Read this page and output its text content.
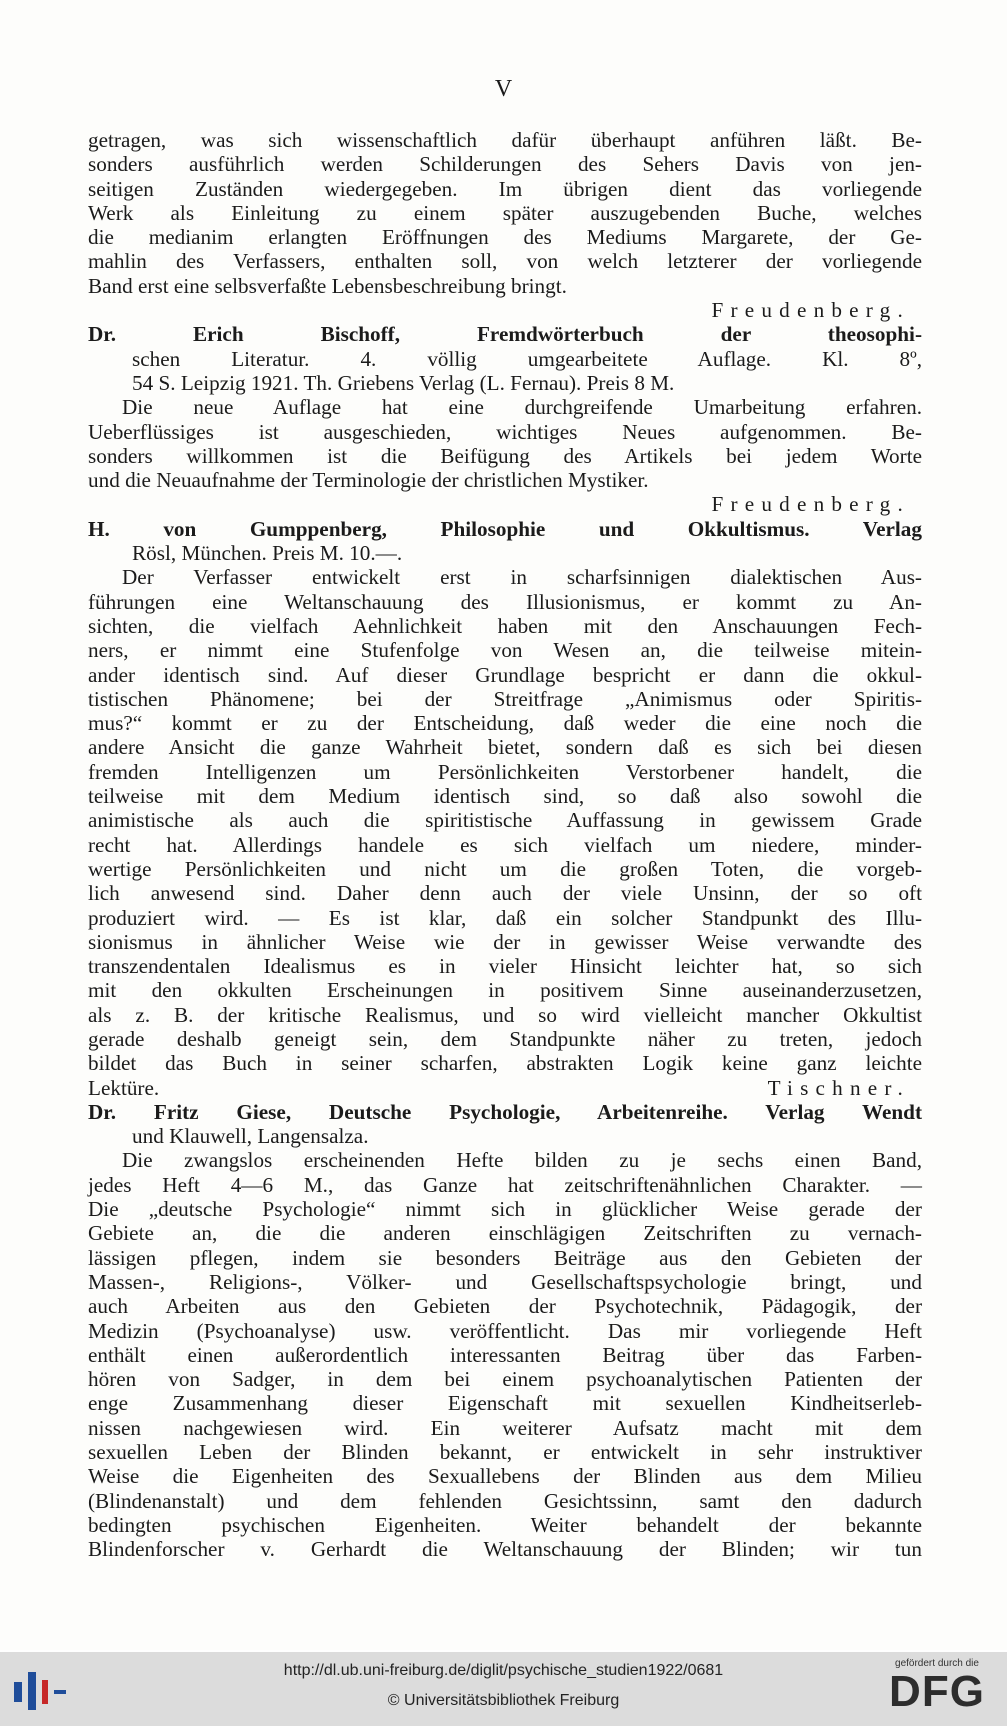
V
getragen, was sich wissenschaftlich dafür überhaupt anführen läßt. Be-
sonders ausführlich werden Schilderungen des Sehers Davis von jen-
seitigen Zuständen wiedergegeben. Im übrigen dient das vorliegende
Werk als Einleitung zu einem später auszugebenden Buche, welches
die medianim erlangten Eröffnungen des Mediums Margarete, der Ge-
mahlin des Verfassers, enthalten soll, von welch letzterer der vorliegende
Band erst eine selbsverfaßte Lebensbeschreibung bringt.
Freudenberg.
Dr. Erich Bischoff, Fremdwörterbuch der theosophi-
schen Literatur. 4. völlig umgearbeitete Auflage. Kl. 8º,
54 S. Leipzig 1921. Th. Griebens Verlag (L. Fernau). Preis 8 M.
Die neue Auflage hat eine durchgreifende Umarbeitung erfahren.
Ueberflüssiges ist ausgeschieden, wichtiges Neues aufgenommen. Be-
sonders willkommen ist die Beifügung des Artikels bei jedem Worte
und die Neuaufnahme der Terminologie der christlichen Mystiker.
Freudenberg.
H. von Gumppenberg, Philosophie und Okkultismus. Verlag
Rösl, München. Preis M. 10.—.
Der Verfasser entwickelt erst in scharfsinnigen dialektischen Aus-
führungen eine Weltanschauung des Illusionismus, er kommt zu An-
sichten, die vielfach Aehnlichkeit haben mit den Anschauungen Fech-
ners, er nimmt eine Stufenfolge von Wesen an, die teilweise mitein-
ander identisch sind. Auf dieser Grundlage bespricht er dann die okkul-
tistischen Phänomene; bei der Streitfrage „Animismus oder Spiritis-
mus?“ kommt er zu der Entscheidung, daß weder die eine noch die
andere Ansicht die ganze Wahrheit bietet, sondern daß es sich bei diesen
fremden Intelligenzen um Persönlichkeiten Verstorbener handelt, die
teilweise mit dem Medium identisch sind, so daß also sowohl die
animistische als auch die spiritistische Auffassung in gewissem Grade
recht hat. Allerdings handele es sich vielfach um niedere, minder-
wertige Persönlichkeiten und nicht um die großen Toten, die vorgeb-
lich anwesend sind. Daher denn auch der viele Unsinn, der so oft
produziert wird. — Es ist klar, daß ein solcher Standpunkt des Illu-
sionismus in ähnlicher Weise wie der in gewisser Weise verwandte des
transzendentalen Idealismus es in vieler Hinsicht leichter hat, so sich
mit den okkulten Erscheinungen in positivem Sinne auseinanderzusetzen,
als z. B. der kritische Realismus, und so wird vielleicht mancher Okkultist
gerade deshalb geneigt sein, dem Standpunkte näher zu treten, jedoch
bildet das Buch in seiner scharfen, abstrakten Logik keine ganz leichte
Lektüre.	Tischner.
Dr. Fritz Giese, Deutsche Psychologie, Arbeitenreihe. Verlag Wendt
und Klauwell, Langensalza.
Die zwangslos erscheinenden Hefte bilden zu je sechs einen Band,
jedes Heft 4—6 M., das Ganze hat zeitschriftenähnlichen Charakter. —
Die „deutsche Psychologie“ nimmt sich in glücklicher Weise gerade der
Gebiete an, die die anderen einschlägigen Zeitschriften zu vernach-
lässigen pflegen, indem sie besonders Beiträge aus den Gebieten der
Massen-, Religions-, Völker- und Gesellschaftspsychologie bringt, und
auch Arbeiten aus den Gebieten der Psychotechnik, Pädagogik, der
Medizin (Psychoanalyse) usw. veröffentlicht. Das mir vorliegende Heft
enthält einen außerordentlich interessanten Beitrag über das Farben-
hören von Sadger, in dem bei einem psychoanalytischen Patienten der
enge Zusammenhang dieser Eigenschaft mit sexuellen Kindheitserleb-
nissen nachgewiesen wird. Ein weiterer Aufsatz macht mit dem
sexuellen Leben der Blinden bekannt, er entwickelt in sehr instruktiver
Weise die Eigenheiten des Sexuallebens der Blinden aus dem Milieu
(Blindenanstalt) und dem fehlenden Gesichtssinn, samt den dadurch
bedingten psychischen Eigenheiten. Weiter behandelt der bekannte
Blindenforscher v. Gerhardt die Weltanschauung der Blinden; wir tun
http://dl.ub.uni-freiburg.de/diglit/psychische_studien1922/0681
© Universitätsbibliothek Freiburg
gefördert durch die
DFG
